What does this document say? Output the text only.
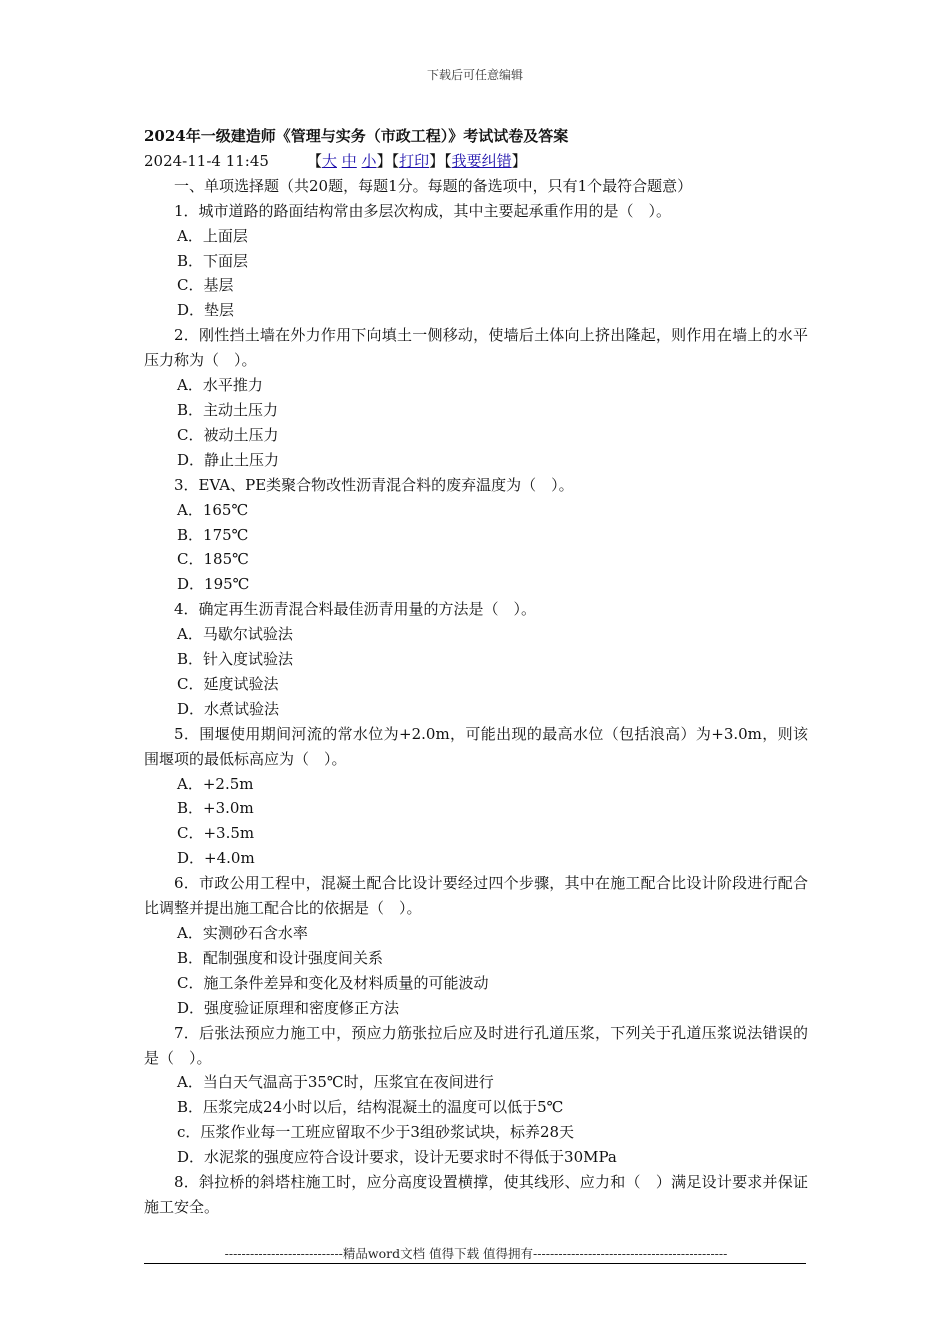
下载后可任意编辑
2024年一级建造师《管理与实务（市政工程）》考试试卷及答案
2024-11-4 11:45	【大 中 小】【打印】【我要纠错】

一、单项选择题（共20题，每题1分。每题的备选项中，只有1个最符合题意）

1．城市道路的路面结构常由多层次构成，其中主要起承重作用的是（　）。

A．上面层

B．下面层

C．基层

D．垫层

2．刚性挡土墙在外力作用下向填土一侧移动，使墙后土体向上挤出隆起，则作用在墙上的水平压力称为（　）。

A．水平推力

B．主动土压力

C．被动土压力

D．静止土压力

3．EVA、PE类聚合物改性沥青混合料的废弃温度为（　）。

A．165℃

B．175℃

C．185℃

D．195℃

4．确定再生沥青混合料最佳沥青用量的方法是（　）。

A．马歇尔试验法

B．针入度试验法

C．延度试验法

D．水煮试验法

5．围堰使用期间河流的常水位为+2.0m，可能出现的最高水位（包括浪高）为+3.0m，则该围堰项的最低标高应为（　）。

A．+2.5m

B．+3.0m

C．+3.5m

D．+4.0m

6．市政公用工程中，混凝土配合比设计要经过四个步骤，其中在施工配合比设计阶段进行配合比调整并提出施工配合比的依据是（　）。

A．实测砂石含水率

B．配制强度和设计强度间关系

C．施工条件差异和变化及材料质量的可能波动

D．强度验证原理和密度修正方法

7．后张法预应力施工中，预应力筋张拉后应及时进行孔道压浆，下列关于孔道压浆说法错误的是（　）。

A．当白天气温高于35℃时，压浆宜在夜间进行

B．压浆完成24小时以后，结构混凝土的温度可以低于5℃

c．压浆作业每一工班应留取不少于3组砂浆试块，标养28天

D．水泥浆的强度应符合设计要求，设计无要求时不得低于30MPa

8．斜拉桥的斜塔柱施工时，应分高度设置横撑，使其线形、应力和（　）满足设计要求并保证施工安全。

----------------------------精品word文档 值得下载 值得拥有----------------------------------------------
